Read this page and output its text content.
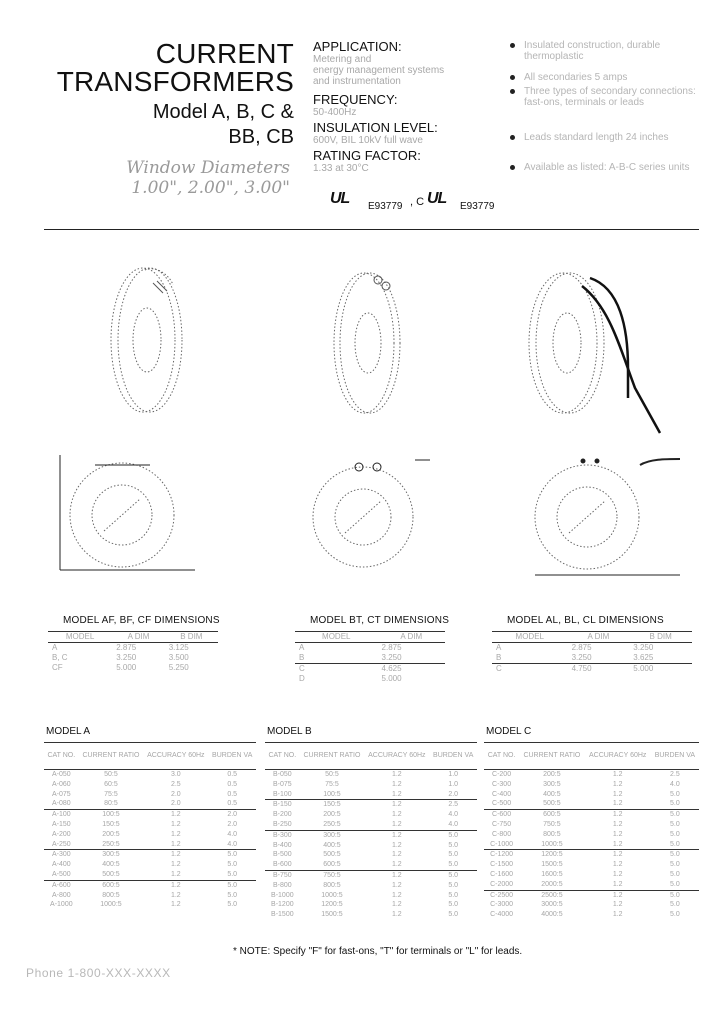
CURRENT
TRANSFORMERS
Model A, B, C &
BB, CB
Window Diameters
1.00", 2.00", 3.00"
APPLICATION:
Metering and
energy management systems
and instrumentation
FREQUENCY:
50-400Hz
INSULATION LEVEL:
600V, BIL 10kV full wave
RATING FACTOR:
1.33 at 30°C
UL E93779 , C UL E93779
Insulated construction, durable thermoplastic
All secondaries 5 amps
Three types of secondary connections: fast-ons, terminals or leads
Leads standard length 24 inches
Available as listed: A-B-C series units
MODEL AF, BF, CF DIMENSIONS
MODEL	A DIM	B DIM
A	2.875	3.125
B, C	3.250	3.500
CF	5.000	5.250

MODEL BT, CT DIMENSIONS
MODEL	A DIM
A	2.875
B	3.250
C	4.625
D	5.000
MODEL AL, BL, CL DIMENSIONS
MODEL	A DIM	B DIM
A	2.875	3.250
B	3.250	3.625
C	4.750	5.000
MODEL A
CAT NO.	CURRENT RATIO	ACCURACY 60Hz	BURDEN VA
A-050	50:5	3.0	0.5
A-060	60:5	2.5	0.5
A-075	75:5	2.0	0.5
A-080	80:5	2.0	0.5
A-100	100:5	1.2	2.0
A-150	150:5	1.2	2.0
A-200	200:5	1.2	4.0
A-250	250:5	1.2	4.0
A-300	300:5	1.2	5.0
A-400	400:5	1.2	5.0
A-500	500:5	1.2	5.0
A-600	600:5	1.2	5.0
A-800	800:5	1.2	5.0
A-1000	1000:5	1.2	5.0
MODEL B
CAT NO.	CURRENT RATIO	ACCURACY 60Hz	BURDEN VA
B-050	50:5	1.2	1.0
B-075	75:5	1.2	1.0
B-100	100:5	1.2	2.0
B-150	150:5	1.2	2.5
B-200	200:5	1.2	4.0
B-250	250:5	1.2	4.0
B-300	300:5	1.2	5.0
B-400	400:5	1.2	5.0
B-500	500:5	1.2	5.0
B-600	600:5	1.2	5.0
B-750	750:5	1.2	5.0
B-800	800:5	1.2	5.0
B-1000	1000:5	1.2	5.0
B-1200	1200:5	1.2	5.0
B-1500	1500:5	1.2	5.0
MODEL C
CAT NO.	CURRENT RATIO	ACCURACY 60Hz	BURDEN VA
C-200	200:5	1.2	2.5
C-300	300:5	1.2	4.0
C-400	400:5	1.2	5.0
C-500	500:5	1.2	5.0
C-600	600:5	1.2	5.0
C-750	750:5	1.2	5.0
C-800	800:5	1.2	5.0
C-1000	1000:5	1.2	5.0
C-1200	1200:5	1.2	5.0
C-1500	1500:5	1.2	5.0
C-1600	1600:5	1.2	5.0
C-2000	2000:5	1.2	5.0
C-2500	2500:5	1.2	5.0
C-3000	3000:5	1.2	5.0
C-4000	4000:5	1.2	5.0
* NOTE: Specify "F" for fast-ons, "T" for terminals or "L" for leads.
Phone 1-800-XXX-XXXX
